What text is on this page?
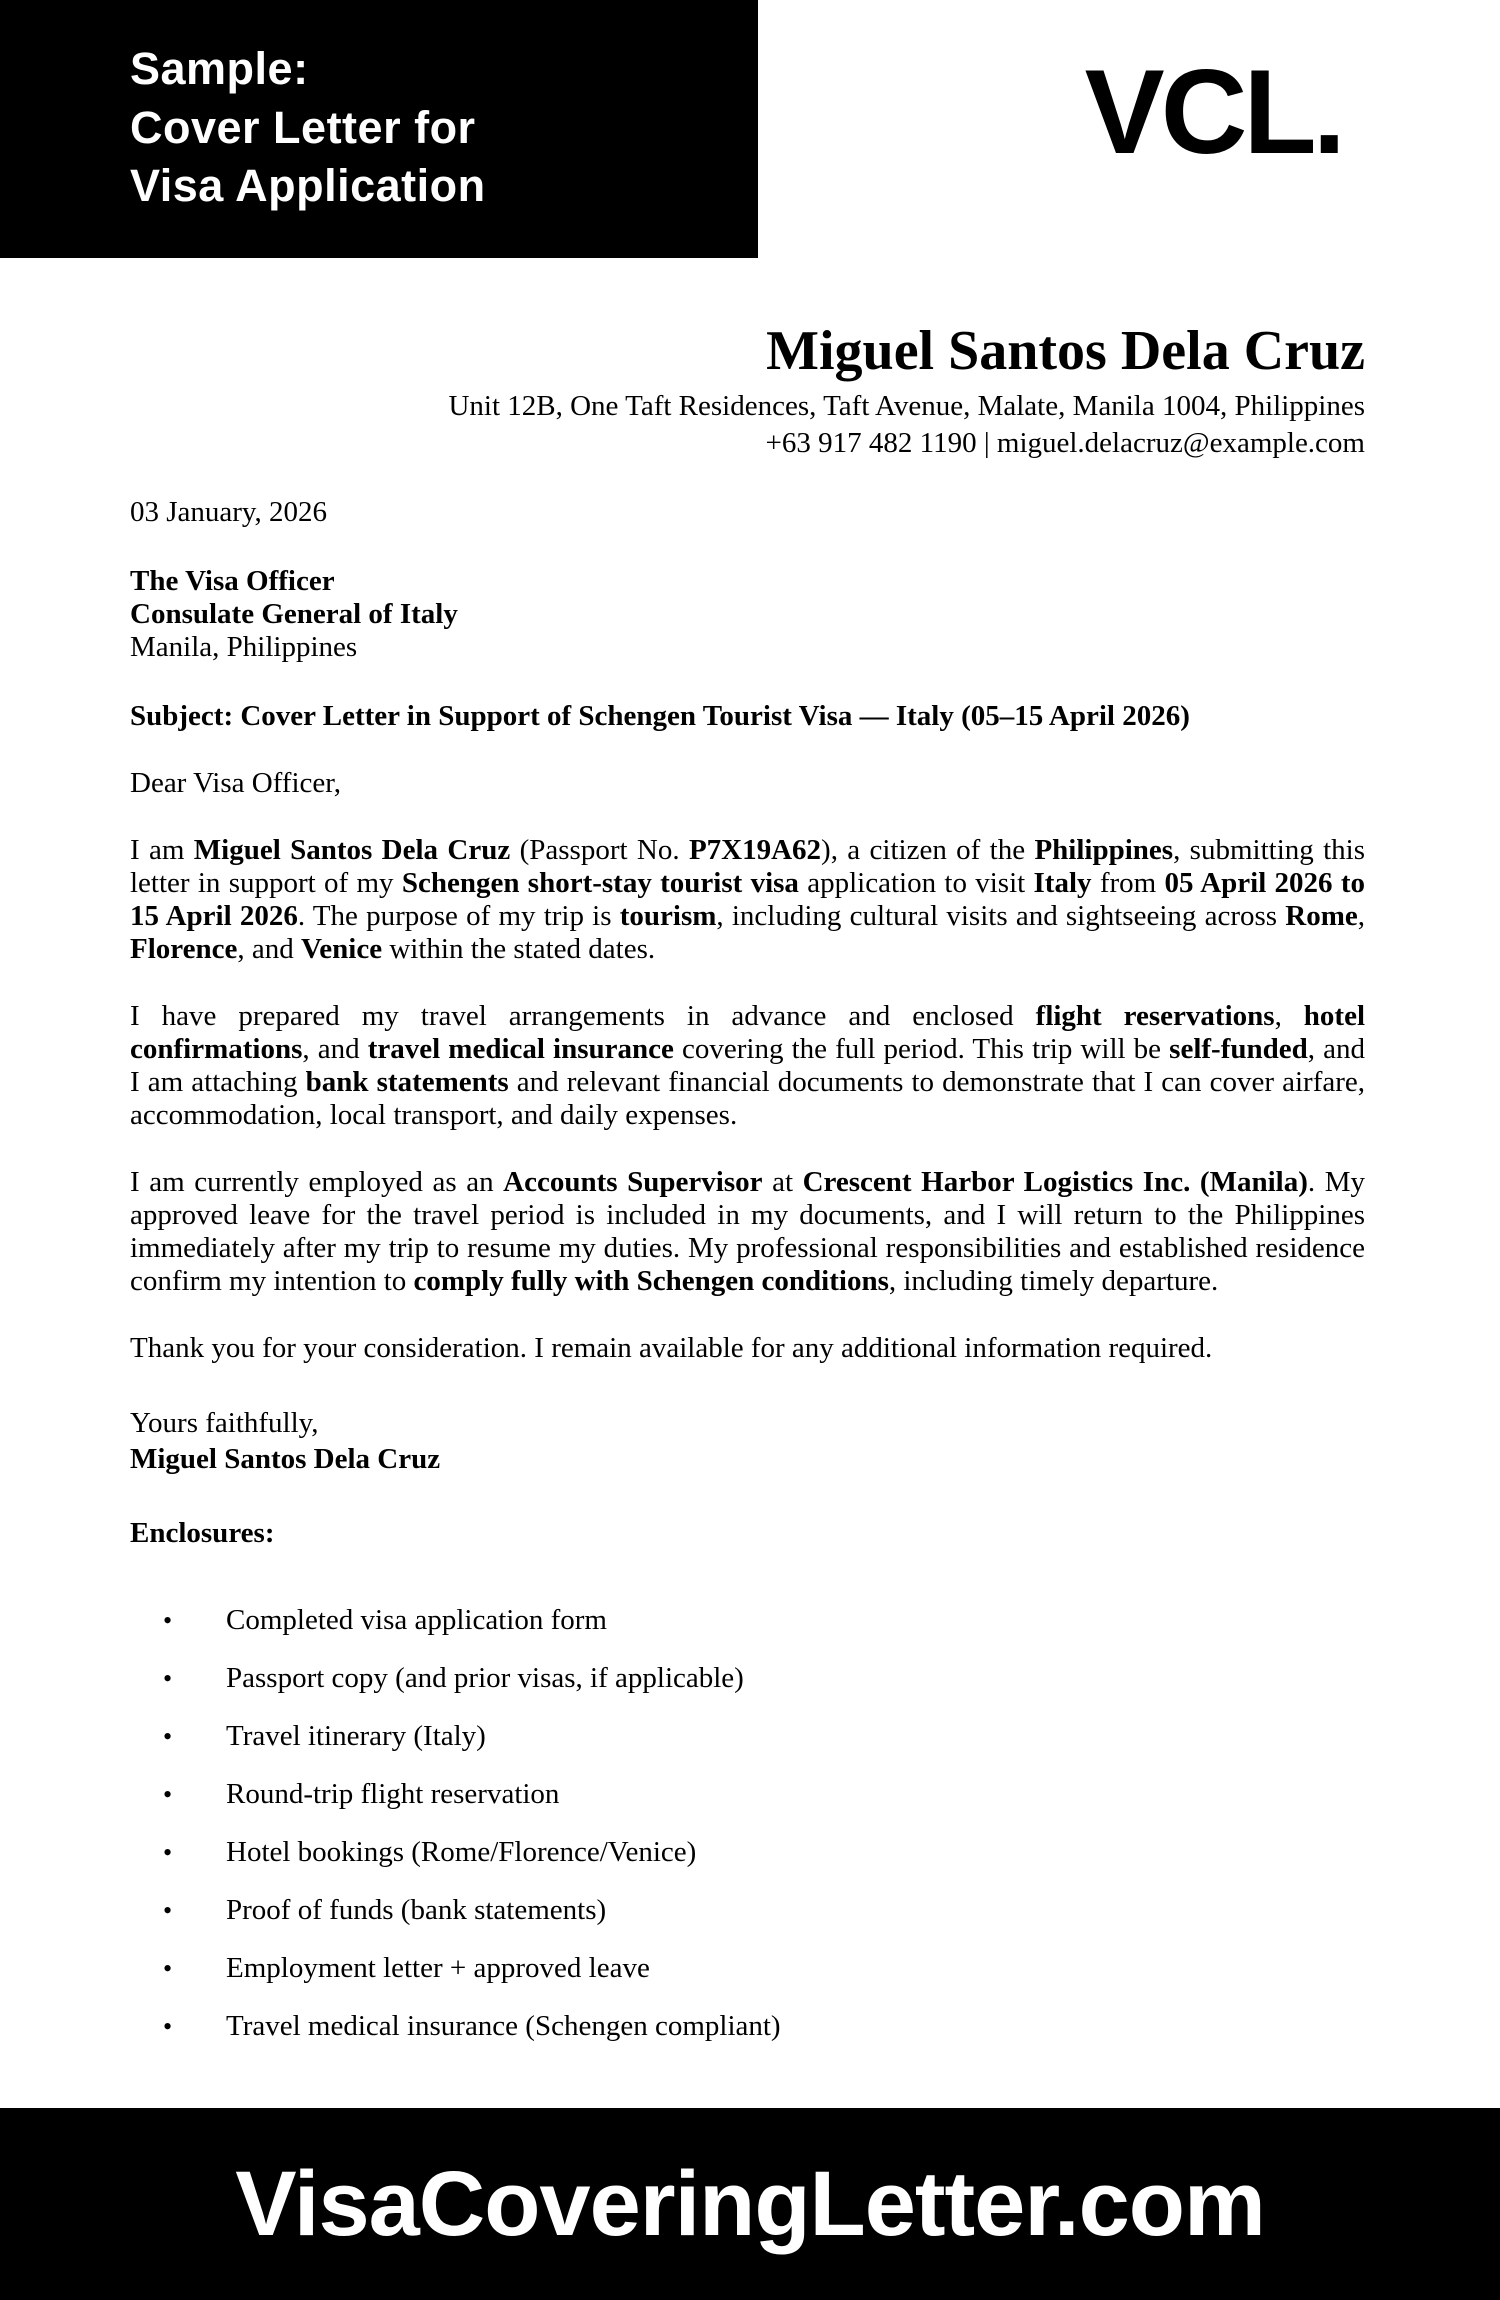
Sample:
Cover Letter for
Visa Application
VCL.
Miguel Santos Dela Cruz
Unit 12B, One Taft Residences, Taft Avenue, Malate, Manila 1004, Philippines
+63 917 482 1190 | miguel.delacruz@example.com
03 January, 2026
The Visa Officer
Consulate General of Italy
Manila, Philippines
Subject: Cover Letter in Support of Schengen Tourist Visa — Italy (05–15 April 2026)
Dear Visa Officer,

I am Miguel Santos Dela Cruz (Passport No. P7X19A62), a citizen of the Philippines, submitting this letter in support of my Schengen short-stay tourist visa application to visit Italy from 05 April 2026 to 15 April 2026. The purpose of my trip is tourism, including cultural visits and sightseeing across Rome, Florence, and Venice within the stated dates.

I have prepared my travel arrangements in advance and enclosed flight reservations, hotel confirmations, and travel medical insurance covering the full period. This trip will be self-funded, and I am attaching bank statements and relevant financial documents to demonstrate that I can cover airfare, accommodation, local transport, and daily expenses.

I am currently employed as an Accounts Supervisor at Crescent Harbor Logistics Inc. (Manila). My approved leave for the travel period is included in my documents, and I will return to the Philippines immediately after my trip to resume my duties. My professional responsibilities and established residence confirm my intention to comply fully with Schengen conditions, including timely departure.

Thank you for your consideration. I remain available for any additional information required.
Yours faithfully,
Miguel Santos Dela Cruz
Enclosures:
•	Completed visa application form
•	Passport copy (and prior visas, if applicable)
•	Travel itinerary (Italy)
•	Round-trip flight reservation
•	Hotel bookings (Rome/Florence/Venice)
•	Proof of funds (bank statements)
•	Employment letter + approved leave
•	Travel medical insurance (Schengen compliant)
VisaCoveringLetter.com
